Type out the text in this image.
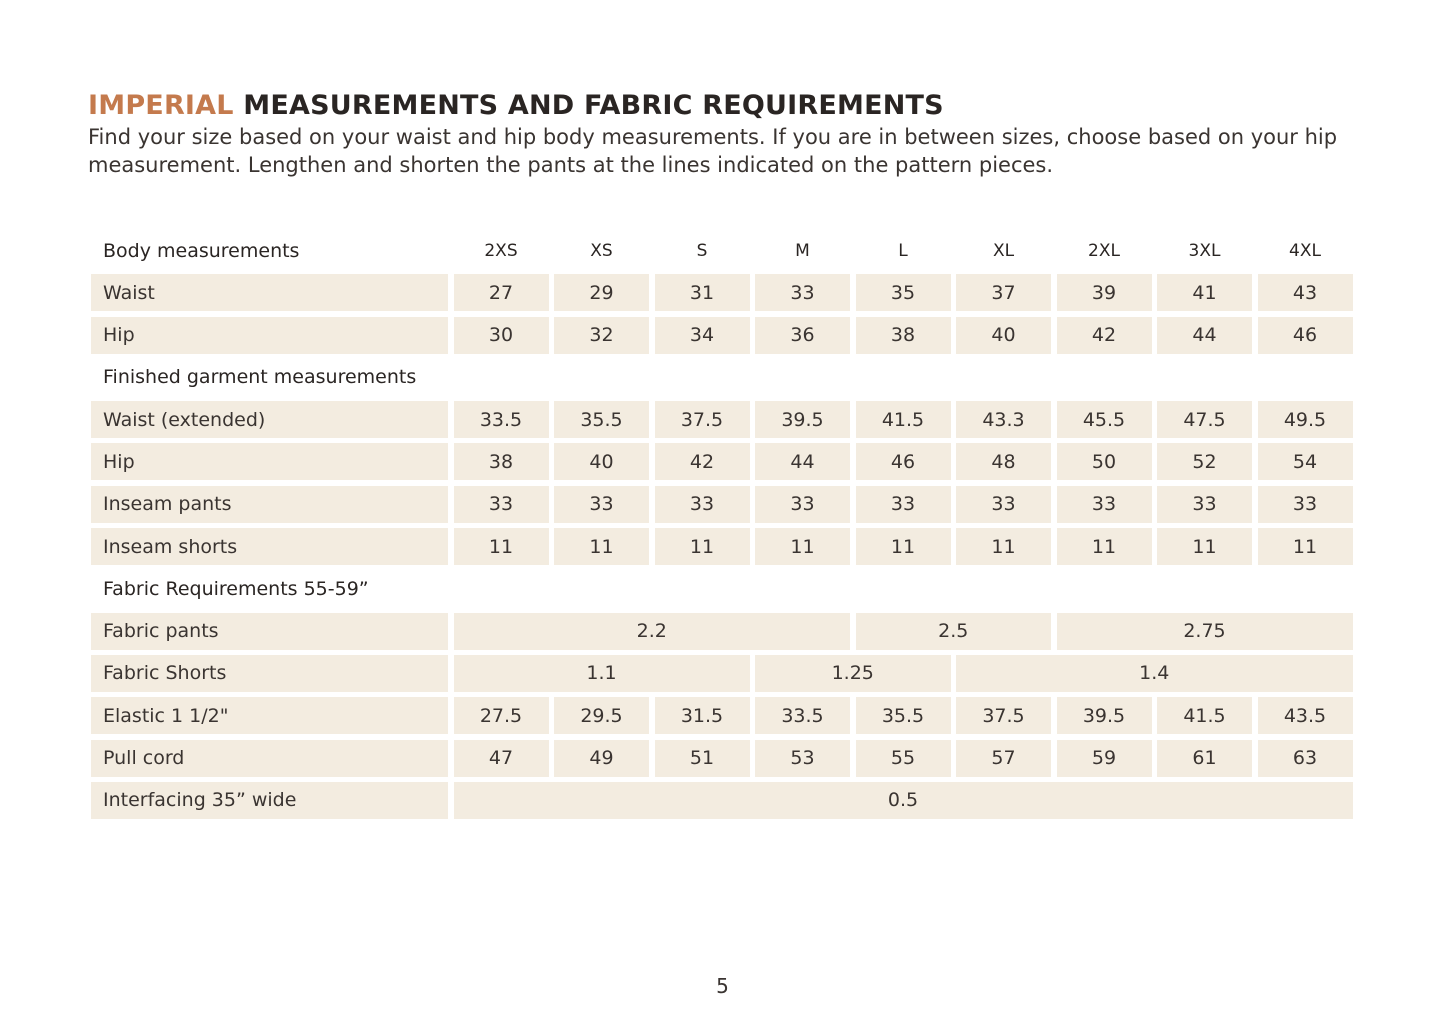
IMPERIAL MEASUREMENTS AND FABRIC REQUIREMENTS
Find your size based on your waist and hip body measurements. If you are in between sizes, choose based on your hip measurement. Lengthen and shorten the pants at the lines indicated on the pattern pieces.
Body measurements	2XS	XS	S	M	L	XL	2XL	3XL	4XL
Waist	27	29	31	33	35	37	39	41	43
Hip	30	32	34	36	38	40	42	44	46
Finished garment measurements
Waist (extended)	33.5	35.5	37.5	39.5	41.5	43.3	45.5	47.5	49.5
Hip	38	40	42	44	46	48	50	52	54
Inseam pants	33	33	33	33	33	33	33	33	33
Inseam shorts	11	11	11	11	11	11	11	11	11
Fabric Requirements 55-59”
Fabric pants	2.2	2.5	2.75
Fabric Shorts	1.1	1.25	1.4
Elastic 1 1/2"	27.5	29.5	31.5	33.5	35.5	37.5	39.5	41.5	43.5
Pull cord	47	49	51	53	55	57	59	61	63
Interfacing 35” wide	0.5
5
